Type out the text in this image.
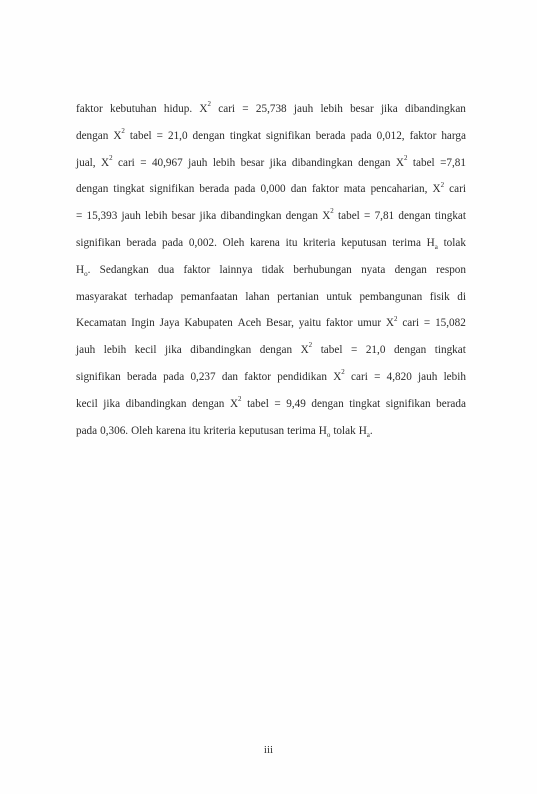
faktor kebutuhan hidup. $X^2$ cari = 25,738 jauh lebih besar jika dibandingkan
dengan $X^2$ tabel = 21,0 dengan tingkat signifikan berada pada 0,012, faktor harga
jual, $X^2$ cari = 40,967 jauh lebih besar jika dibandingkan dengan $X^2$ tabel =7,81
dengan tingkat signifikan berada pada 0,000 dan faktor mata pencaharian, $X^2$ cari
= 15,393 jauh lebih besar jika dibandingkan dengan $X^2$ tabel = 7,81 dengan tingkat
signifikan berada pada 0,002. Oleh karena itu kriteria keputusan terima $H_a$ tolak
$H_o$. Sedangkan dua faktor lainnya tidak berhubungan nyata dengan respon
masyarakat terhadap pemanfaatan lahan pertanian untuk pembangunan fisik di
Kecamatan Ingin Jaya Kabupaten Aceh Besar, yaitu faktor umur $X^2$ cari = 15,082
jauh lebih kecil jika dibandingkan dengan $X^2$ tabel = 21,0 dengan tingkat
signifikan berada pada 0,237 dan faktor pendidikan $X^2$ cari = 4,820 jauh lebih
kecil jika dibandingkan dengan $X^2$ tabel = 9,49 dengan tingkat signifikan berada
pada 0,306. Oleh karena itu kriteria keputusan terima $H_o$ tolak $H_a$.
iii
